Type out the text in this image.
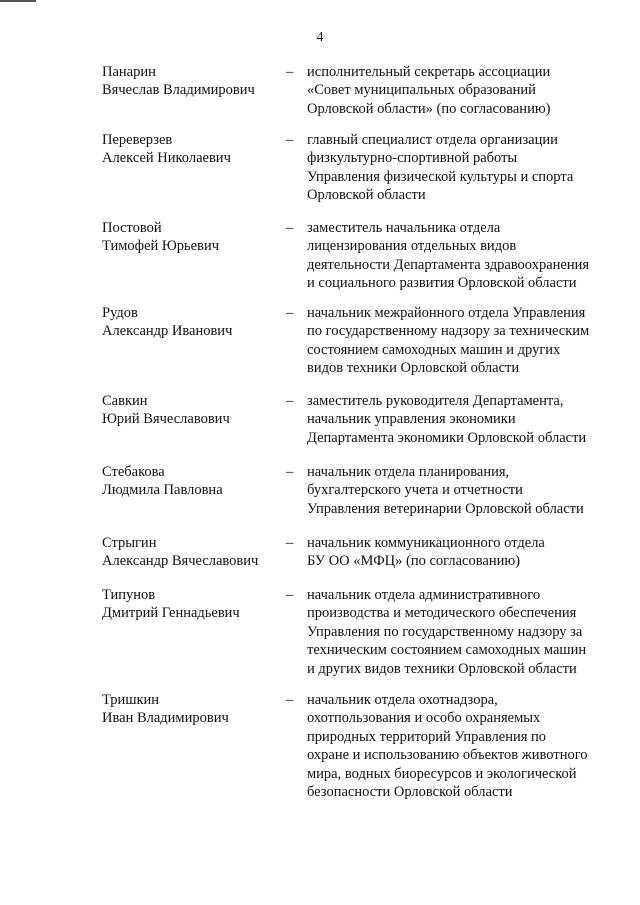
4
Панарин
Вячеслав Владимирович
– исполнительный секретарь ассоциации
«Совет муниципальных образований
Орловской области» (по согласованию)
Переверзев
Алексей Николаевич
– главный специалист отдела организации
физкультурно-спортивной работы
Управления физической культуры и спорта
Орловской области
Постовой
Тимофей Юрьевич
– заместитель начальника отдела
лицензирования отдельных видов
деятельности Департамента здравоохранения
и социального развития Орловской области
Рудов
Александр Иванович
– начальник межрайонного отдела Управления
по государственному надзору за техническим
состоянием самоходных машин и других
видов техники Орловской области
Савкин
Юрий Вячеславович
– заместитель руководителя Департамента,
начальник управления экономики
Департамента экономики Орловской области
Стебакова
Людмила Павловна
– начальник отдела планирования,
бухгалтерского учета и отчетности
Управления ветеринарии Орловской области
Стрыгин
Александр Вячеславович
– начальник коммуникационного отдела
БУ ОО «МФЦ» (по согласованию)
Типунов
Дмитрий Геннадьевич
– начальник отдела административного
производства и методического обеспечения
Управления по государственному надзору за
техническим состоянием самоходных машин
и других видов техники Орловской области
Тришкин
Иван Владимирович
– начальник отдела охотнадзора,
охотпользования и особо охраняемых
природных территорий Управления по
охране и использованию объектов животного
мира, водных биоресурсов и экологической
безопасности Орловской области
